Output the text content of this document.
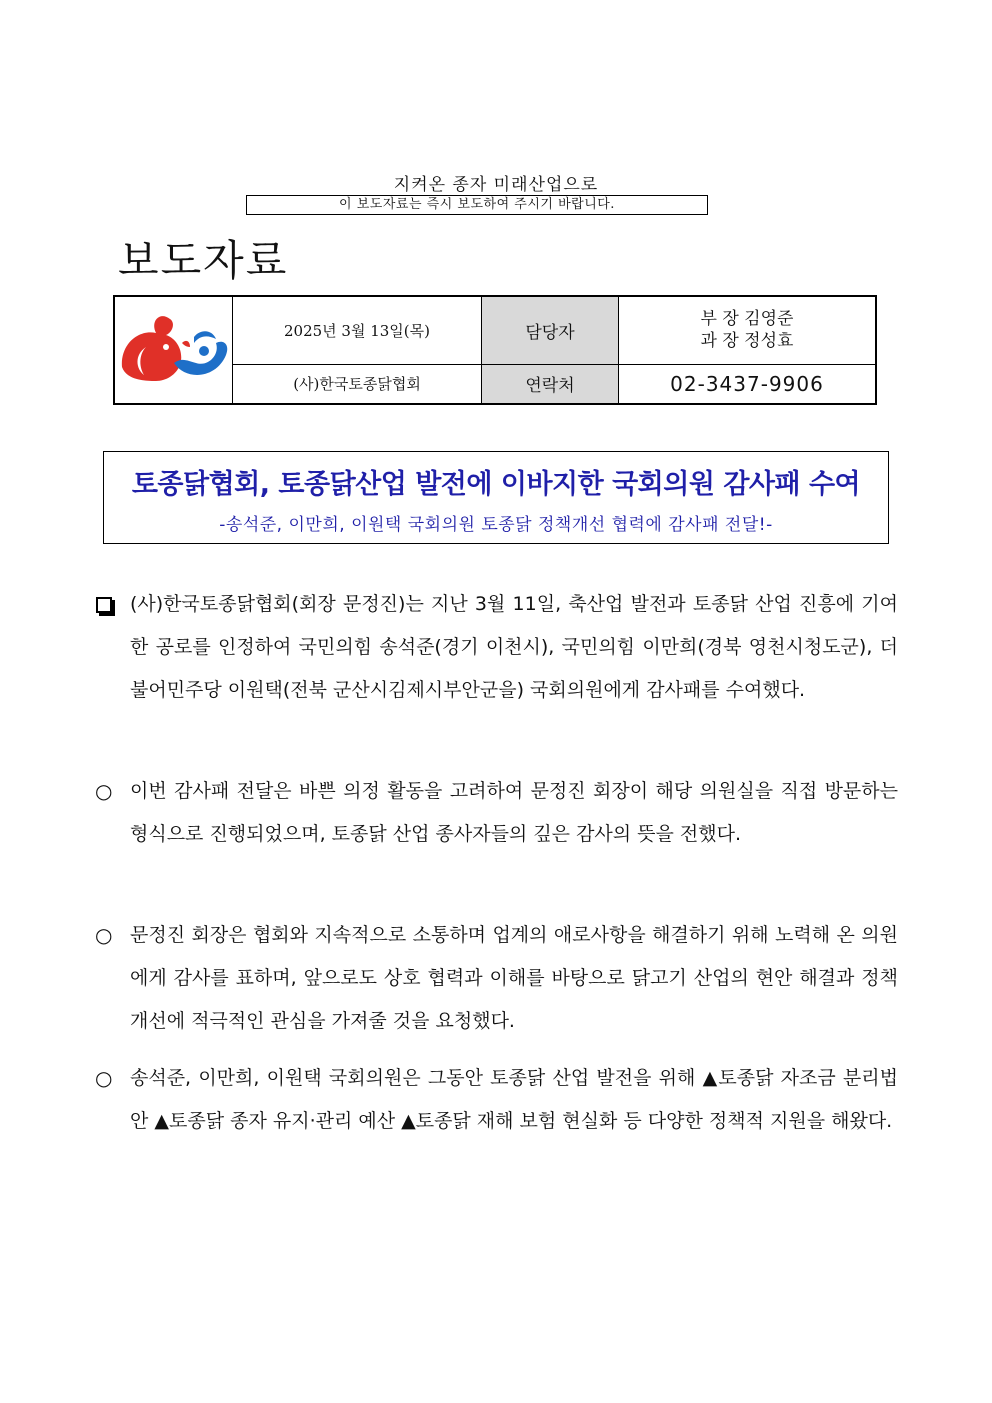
지켜온 종자 미래산업으로
이 보도자료는 즉시 보도하여 주시기 바랍니다.
보도자료
	2025년 3월 13일(목)	담당자	부 장 김영준
과 장 정성효

	(사)한국토종닭협회	연락처	02-3437-9906
토종닭협회, 토종닭산업 발전에 이바지한 국회의원 감사패 수여
-송석준, 이만희, 이원택 국회의원 토종닭 정책개선 협력에 감사패 전달!-
(사)한국토종닭협회(회장 문정진)는 지난 3월 11일, 축산업 발전과 토종닭 산업 진흥에 기여한 공로를 인정하여 국민의힘 송석준(경기 이천시), 국민의힘 이만희(경북 영천시청도군), 더불어민주당 이원택(전북 군산시김제시부안군을) 국회의원에게 감사패를 수여했다.
○ 이번 감사패 전달은 바쁜 의정 활동을 고려하여 문정진 회장이 해당 의원실을 직접 방문하는 형식으로 진행되었으며, 토종닭 산업 종사자들의 깊은 감사의 뜻을 전했다.
○ 문정진 회장은 협회와 지속적으로 소통하며 업계의 애로사항을 해결하기 위해 노력해 온 의원에게 감사를 표하며, 앞으로도 상호 협력과 이해를 바탕으로 닭고기 산업의 현안 해결과 정책 개선에 적극적인 관심을 가져줄 것을 요청했다.
○ 송석준, 이만희, 이원택 국회의원은 그동안 토종닭 산업 발전을 위해 ▲토종닭 자조금 분리법안 ▲토종닭 종자 유지·관리 예산 ▲토종닭 재해 보험 현실화 등 다양한 정책적 지원을 해왔다.
